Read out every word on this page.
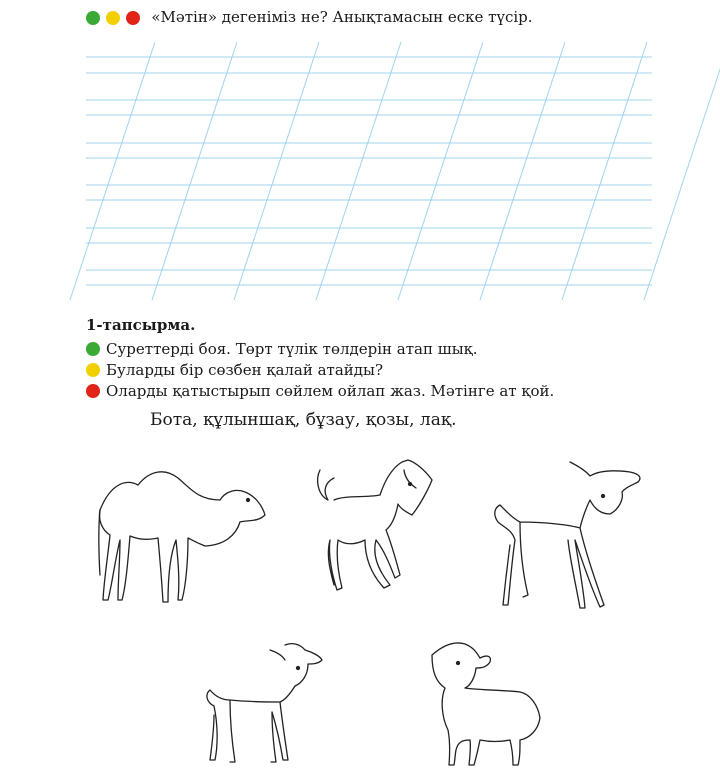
«Мәтін» дегеніміз не? Анықтамасын еске түсір.
1-тапсырма.
Суреттерді боя. Төрт түлік төлдерін атап шық.
Буларды бір сөзбен қалай атайды?
Оларды қатыстырып сөйлем ойлап жаз. Мәтінге ат қой.
Бота, құлыншақ, бұзау, қозы, лақ.
